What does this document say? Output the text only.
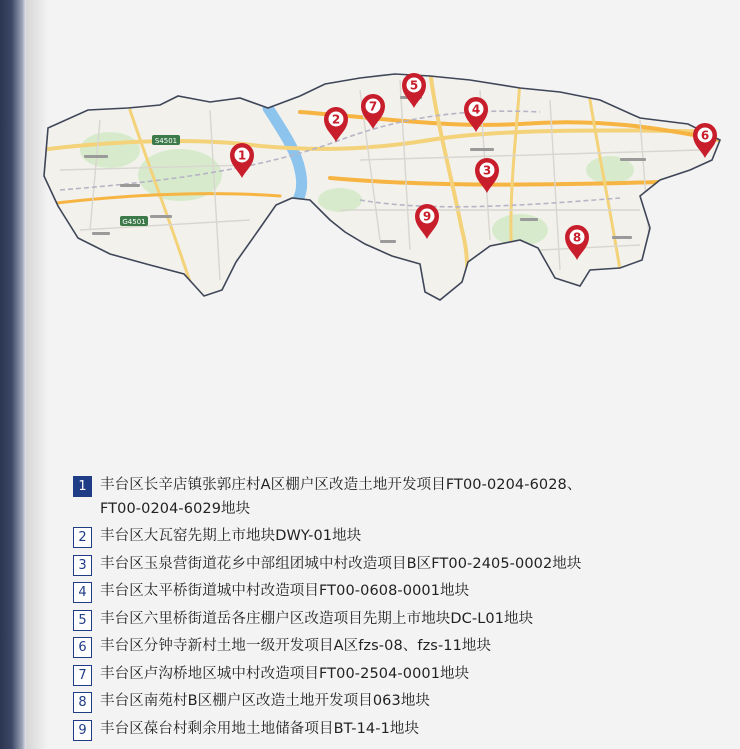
S4501
G4501
1
2
3
4
5
6
7
8
9
1 丰台区长辛店镇张郭庄村A区棚户区改造土地开发项目FT00-0204-6028、
FT00-0204-6029地块
2 丰台区大瓦窑先期上市地块DWY-01地块
3 丰台区玉泉营街道花乡中部组团城中村改造项目B区FT00-2405-0002地块
4 丰台区太平桥街道城中村改造项目FT00-0608-0001地块
5 丰台区六里桥街道岳各庄棚户区改造项目先期上市地块DC-L01地块
6 丰台区分钟寺新村土地一级开发项目A区fzs-08、fzs-11地块
7 丰台区卢沟桥地区城中村改造项目FT00-2504-0001地块
8 丰台区南苑村B区棚户区改造土地开发项目063地块
9 丰台区葆台村剩余用地土地储备项目BT-14-1地块
